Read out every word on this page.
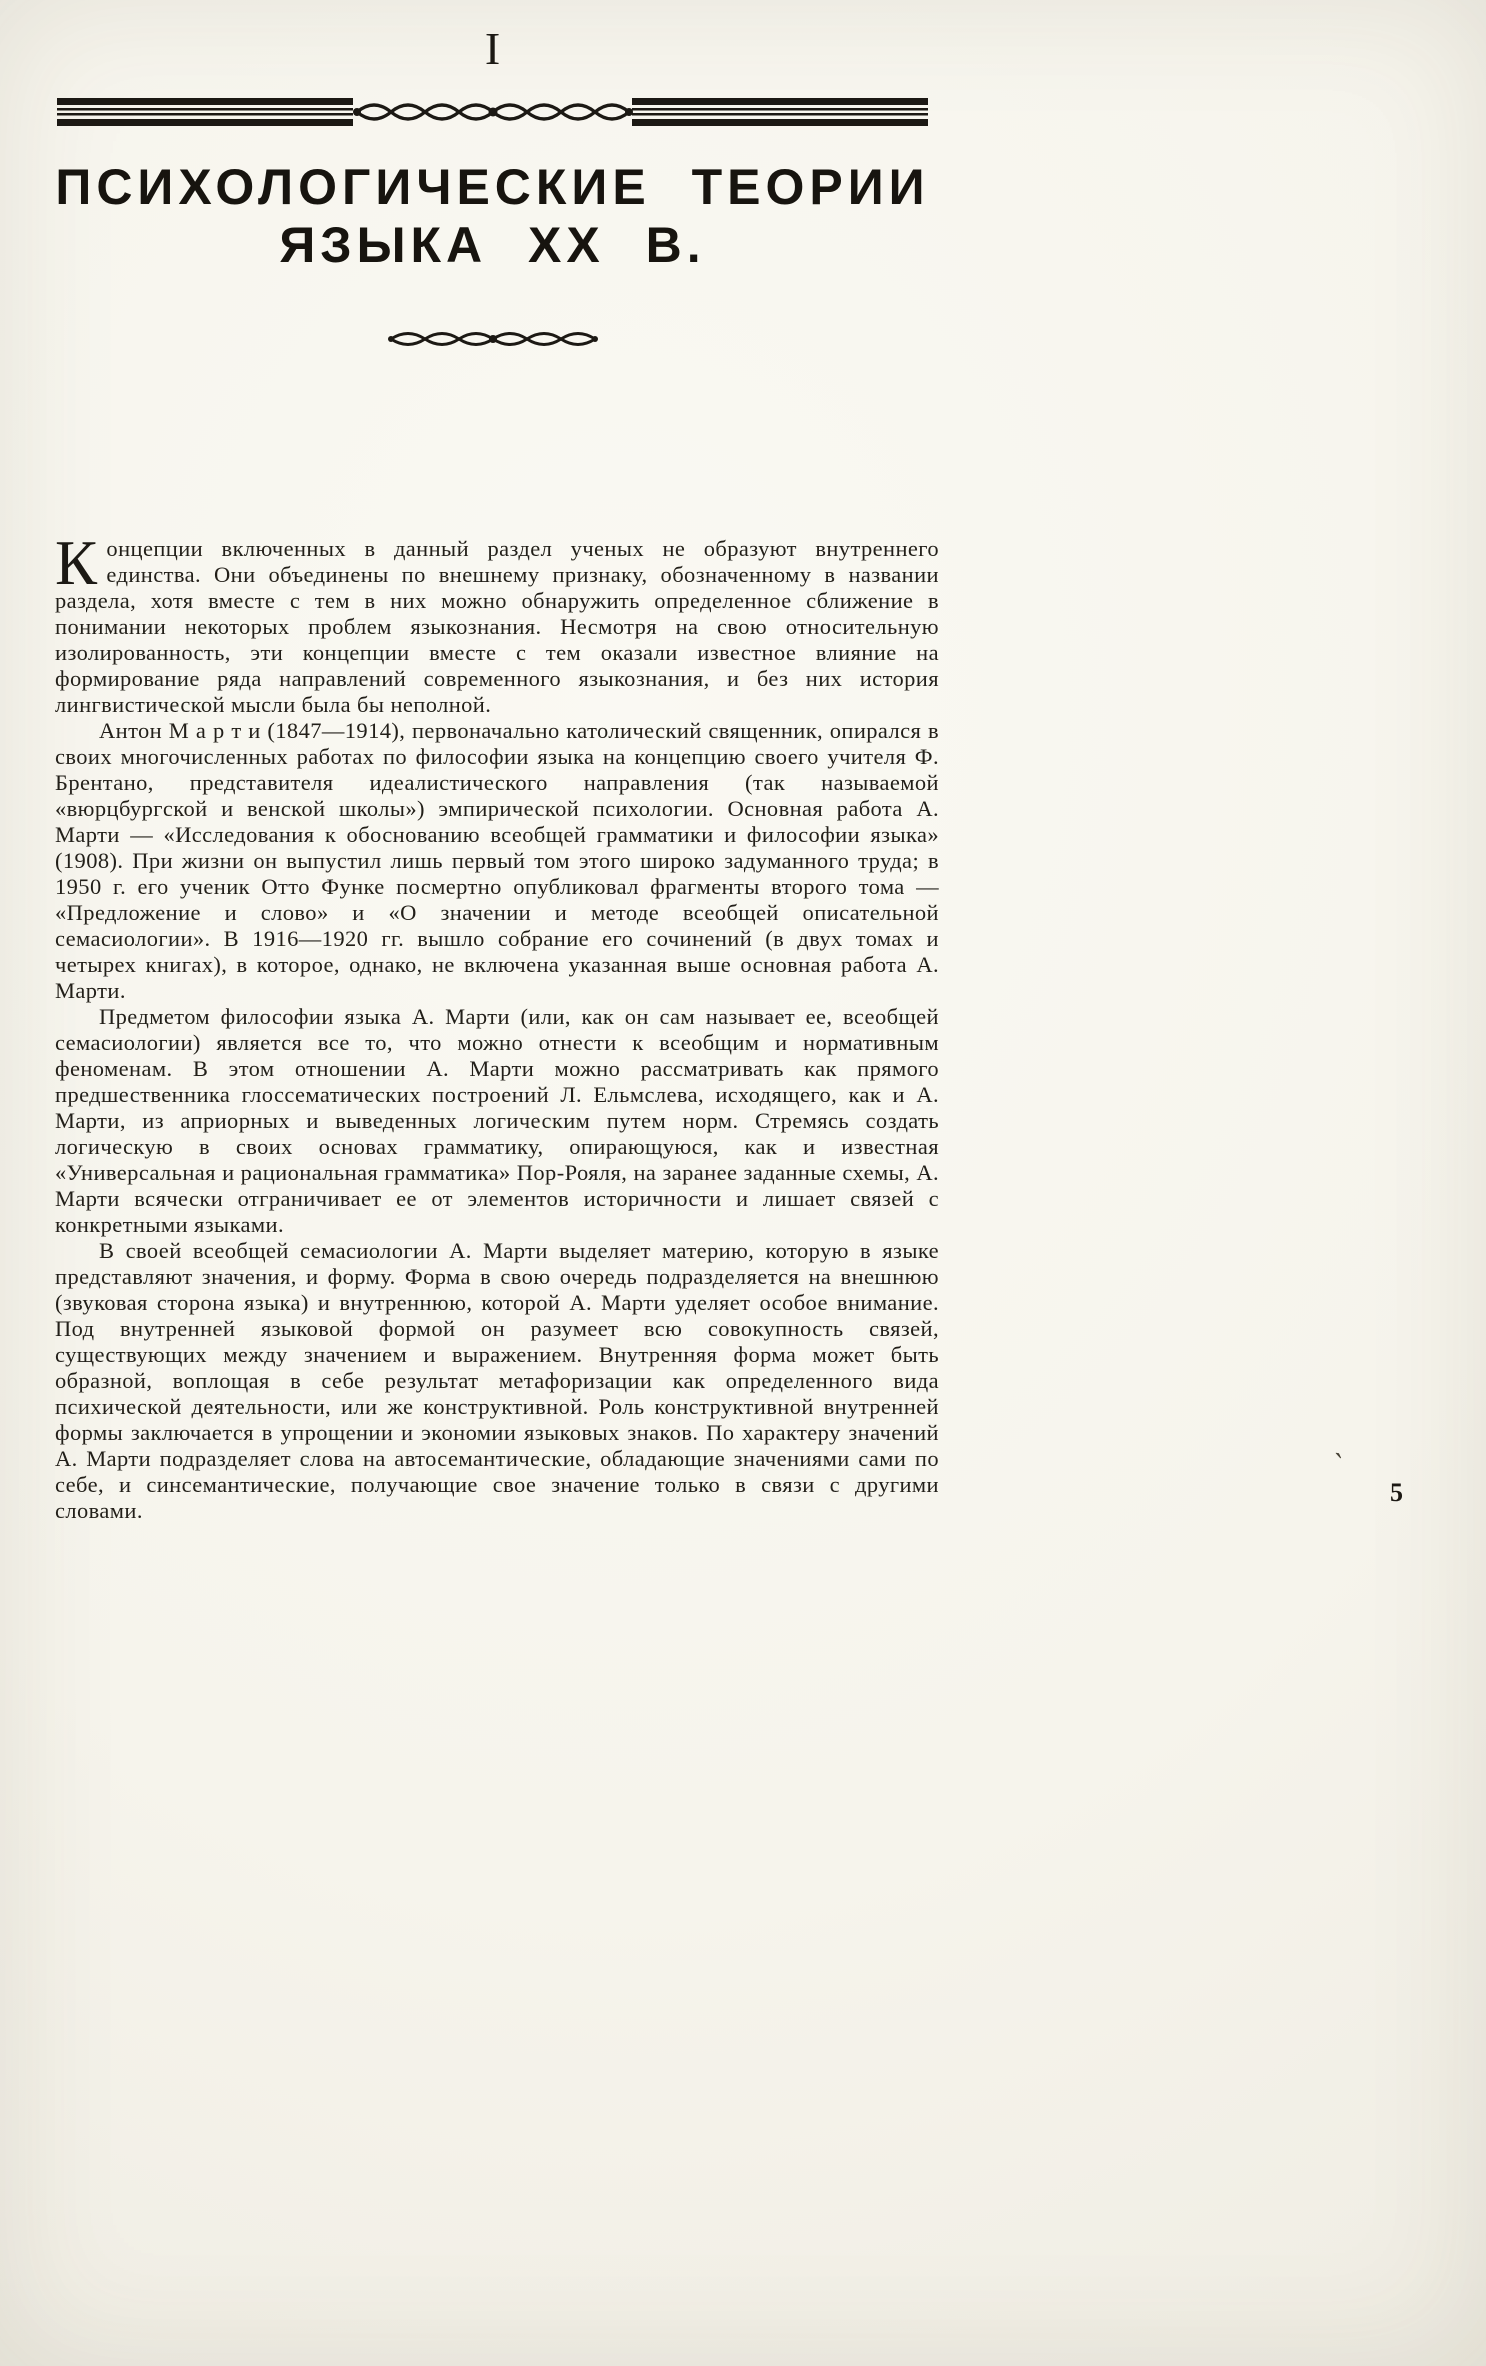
I
ПСИХОЛОГИЧЕСКИЕ ТЕОРИИ
ЯЗЫКА XX В.

Концепции включенных в данный раздел ученых не образуют внутреннего единства. Они объединены по внешнему признаку, обозначенному в названии раздела, хотя вместе с тем в них можно обнаружить определенное сближение в понимании некоторых проблем языкознания. Несмотря на свою относительную изолированность, эти концепции вместе с тем оказали известное влияние на формирование ряда направлений современного языкознания, и без них история лингвистической мысли была бы неполной.

Антон М а р т и (1847—1914), первоначально католический священник, опирался в своих многочисленных работах по философии языка на концепцию своего учителя Ф. Брентано, представителя идеалистического направления (так называемой «вюрцбургской и венской школы») эмпирической психологии. Основная работа А. Марти — «Исследования к обоснованию всеобщей грамматики и философии языка» (1908). При жизни он выпустил лишь первый том этого широко задуманного труда; в 1950 г. его ученик Отто Функе посмертно опубликовал фрагменты второго тома — «Предложение и слово» и «О значении и методе всеобщей описательной семасиологии». В 1916—1920 гг. вышло собрание его сочинений (в двух томах и четырех книгах), в которое, однако, не включена указанная выше основная работа А. Марти.

Предметом философии языка А. Марти (или, как он сам называет ее, всеобщей семасиологии) является все то, что можно отнести к всеобщим и нормативным феноменам. В этом отношении А. Марти можно рассматривать как прямого предшественника глоссематических построений Л. Ельмслева, исходящего, как и А. Марти, из априорных и выведенных логическим путем норм. Стремясь создать логическую в своих основах грамматику, опирающуюся, как и известная «Универсальная и рациональная грамматика» Пор-Рояля, на заранее заданные схемы, А. Марти всячески отграничивает ее от элементов историчности и лишает связей с конкретными языками.

В своей всеобщей семасиологии А. Марти выделяет материю, которую в языке представляют значения, и форму. Форма в свою очередь подразделяется на внешнюю (звуковая сторона языка) и внутреннюю, которой А. Марти уделяет особое внимание. Под внутренней языковой формой он разумеет всю совокупность связей, существующих между значением и выражением. Внутренняя форма может быть образной, воплощая в себе результат метафоризации как определенного вида психической деятельности, или же конструктивной. Роль конструктивной внутренней формы заключается в упрощении и экономии языковых знаков. По характеру значений А. Марти подразделяет слова на автосемантические, обладающие значениями сами по себе, и синсемантические, получающие свое значение только в связи с другими словами.

`
5
